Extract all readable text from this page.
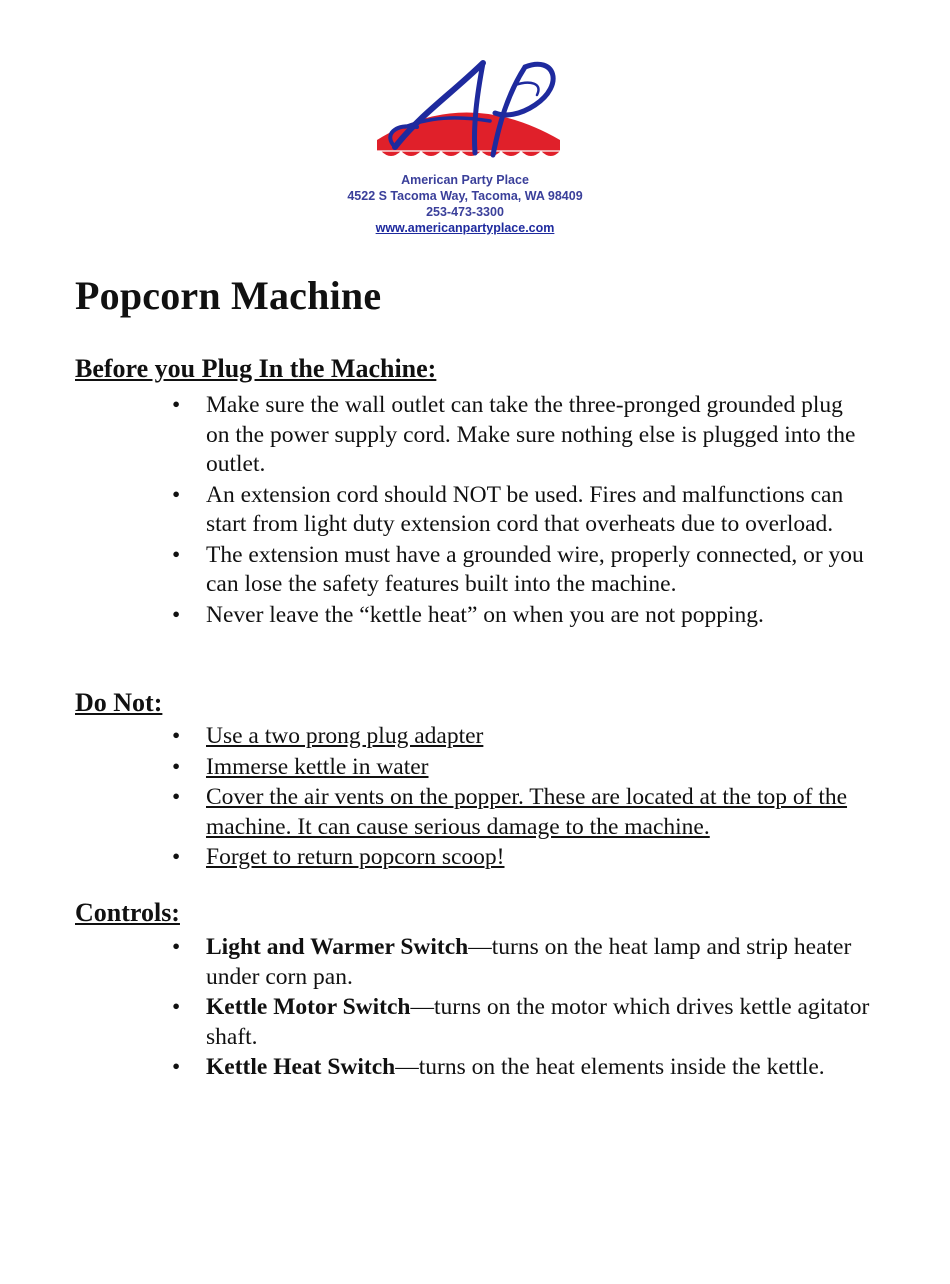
American Party Place
4522 S Tacoma Way, Tacoma, WA 98409
253-473-3300
www.americanpartyplace.com
Popcorn Machine
Before you Plug In the Machine:
•	Make sure the wall outlet can take the three-pronged grounded plug on the power supply cord. Make sure nothing else is plugged into the outlet.
•	An extension cord should NOT be used. Fires and malfunctions can start from light duty extension cord that overheats due to overload.
•	The extension must have a grounded wire, properly connected, or you can lose the safety features built into the machine.
•	Never leave the “kettle heat” on when you are not popping.
Do Not:
•	Use a two prong plug adapter
•	Immerse kettle in water
•	Cover the air vents on the popper. These are located at the top of the machine. It can cause serious damage to the machine.
•	Forget to return popcorn scoop!
Controls:
•	Light and Warmer Switch—turns on the heat lamp and strip heater under corn pan.
•	Kettle Motor Switch—turns on the motor which drives kettle agitator shaft.
•	Kettle Heat Switch—turns on the heat elements inside the kettle.
